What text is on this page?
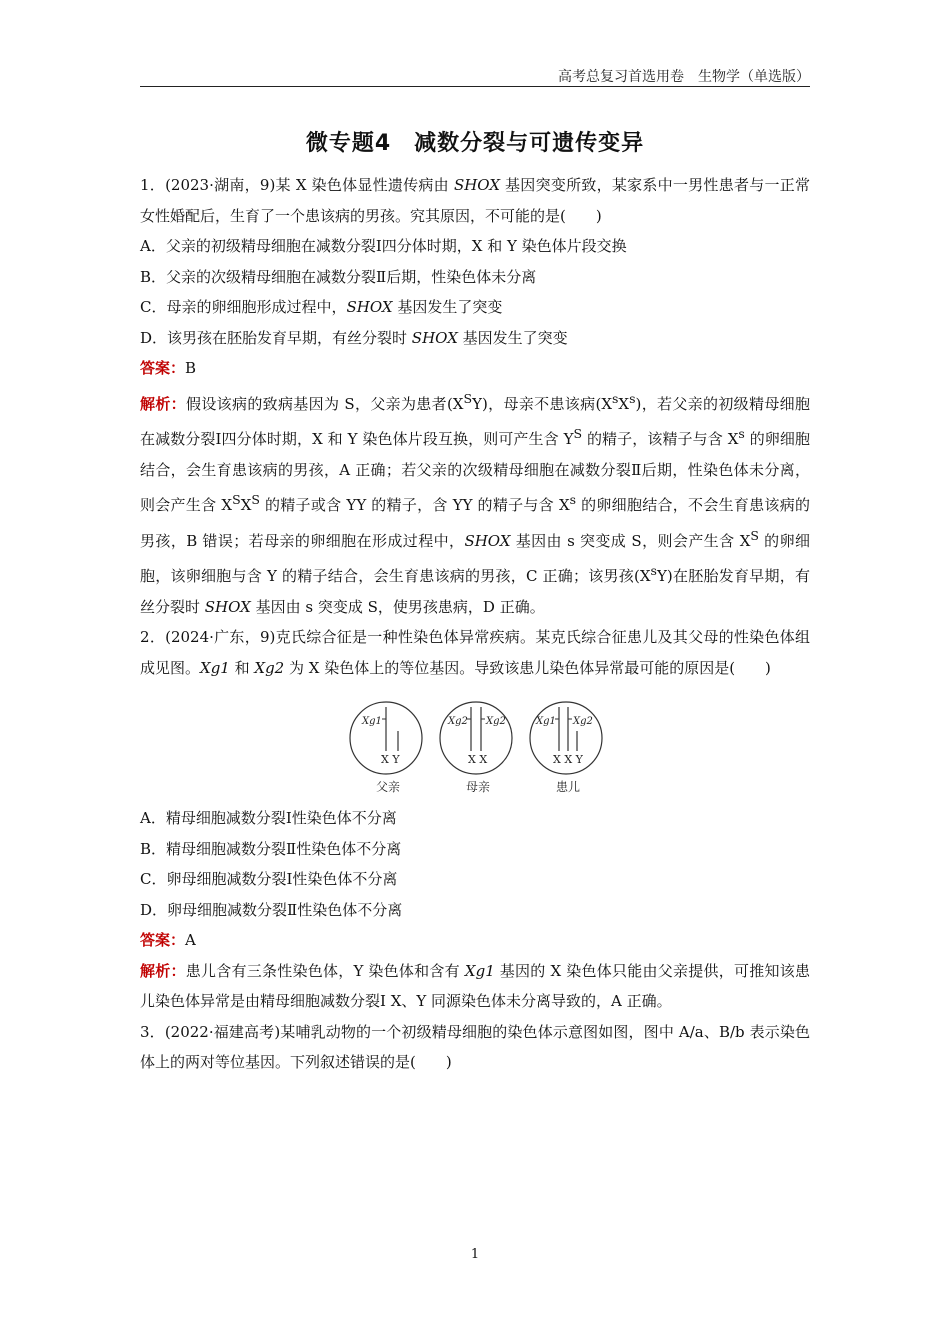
高考总复习首选用卷　生物学（单选版）
微专题4　减数分裂与可遗传变异

1．(2023·湖南，9)某 X 染色体显性遗传病由 SHOX 基因突变所致，某家系中一男性患者与一正常女性婚配后，生育了一个患该病的男孩。究其原因，不可能的是(　　)

A．父亲的初级精母细胞在减数分裂Ⅰ四分体时期，X 和 Y 染色体片段交换

B．父亲的次级精母细胞在减数分裂Ⅱ后期，性染色体未分离

C．母亲的卵细胞形成过程中，SHOX 基因发生了突变

D．该男孩在胚胎发育早期，有丝分裂时 SHOX 基因发生了突变

答案：B

解析：假设该病的致病基因为 S，父亲为患者$(X^SY)$，母亲不患该病$(X^sX^s)$，若父亲的初级精母细胞在减数分裂Ⅰ四分体时期，X 和 Y 染色体片段互换，则可产生含 $Y^S$ 的精子，该精子与含 $X^s$ 的卵细胞结合，会生育患该病的男孩，A 正确；若父亲的次级精母细胞在减数分裂Ⅱ后期，性染色体未分离，则会产生含 $X^SX^S$ 的精子或含 YY 的精子，含 YY 的精子与含 $X^s$ 的卵细胞结合，不会生育患该病的男孩，B 错误；若母亲的卵细胞在形成过程中，SHOX 基因由 s 突变成 S，则会产生含 $X^S$ 的卵细胞，该卵细胞与含 Y 的精子结合，会生育患该病的男孩，C 正确；该男孩$(X^sY)$在胚胎发育早期，有丝分裂时 SHOX 基因由 s 突变成 S，使男孩患病，D 正确。

2．(2024·广东，9)克氏综合征是一种性染色体异常疾病。某克氏综合征患儿及其父母的性染色体组成见图。Xg1 和 Xg2 为 X 染色体上的等位基因。导致该患儿染色体异常最可能的原因是(　　)

Xg1
X Y
父亲
Xg2 Xg2
X X
母亲
Xg1 Xg2
X X Y
患儿

A．精母细胞减数分裂Ⅰ性染色体不分离

B．精母细胞减数分裂Ⅱ性染色体不分离

C．卵母细胞减数分裂Ⅰ性染色体不分离

D．卵母细胞减数分裂Ⅱ性染色体不分离

答案：A

解析：患儿含有三条性染色体，Y 染色体和含有 Xg1 基因的 X 染色体只能由父亲提供，可推知该患儿染色体异常是由精母细胞减数分裂Ⅰ X、Y 同源染色体未分离导致的，A 正确。

3．(2022·福建高考)某哺乳动物的一个初级精母细胞的染色体示意图如图，图中 A/a、B/b 表示染色体上的两对等位基因。下列叙述错误的是(　　)

1
